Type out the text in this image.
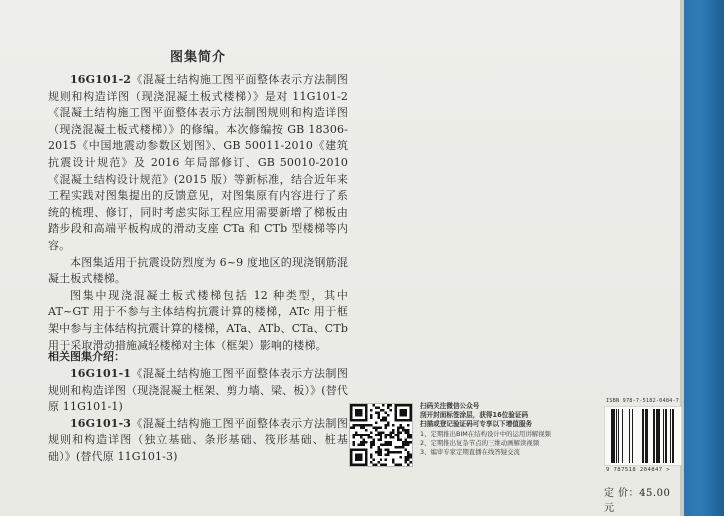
图集简介

16G101-2《混凝土结构施工图平面整体表示方法制图规则和构造详图（现浇混凝土板式楼梯）》是对 11G101-2《混凝土结构施工图平面整体表示方法制图规则和构造详图（现浇混凝土板式楼梯）》的修编。本次修编按 GB 18306-2015《中国地震动参数区划图》、GB 50011-2010《建筑抗震设计规范》及 2016 年局部修订、GB 50010-2010《混凝土结构设计规范》(2015 版）等新标准，结合近年来工程实践对图集提出的反馈意见，对图集原有内容进行了系统的梳理、修订，同时考虑实际工程应用需要新增了梯板由踏步段和高端平板构成的滑动支座 CTa 和 CTb 型楼梯等内容。

本图集适用于抗震设防烈度为 6~9 度地区的现浇钢筋混凝土板式楼梯。

图集中现浇混凝土板式楼梯包括 12 种类型，其中 AT~GT 用于不参与主体结构抗震计算的楼梯，ATc 用于框架中参与主体结构抗震计算的楼梯，ATa、ATb、CTa、CTb 用于采取滑动措施减轻楼梯对主体（框架）影响的楼梯。

相关图集介绍：

16G101-1《混凝土结构施工图平面整体表示方法制图规则和构造详图（现浇混凝土框架、剪力墙、梁、板）》(替代原 11G101-1)

16G101-3《混凝土结构施工图平面整体表示方法制图规则和构造详图（独立基础、条形基础、筏形基础、桩基础）》(替代原 11G101-3)

扫码关注微信公众号
刮开封面标签涂层，获得16位验证码
扫描或登记验证码可专享以下增值服务
1、定期推出BIM在结构设计中的运用讲解视频
2、定期推出复杂节点的三维动画解读视频
3、编审专家定期直播在线答疑交流
ISBN 978-7-5182-0484-7
9 787518 204847 >
定 价：45.00 元
